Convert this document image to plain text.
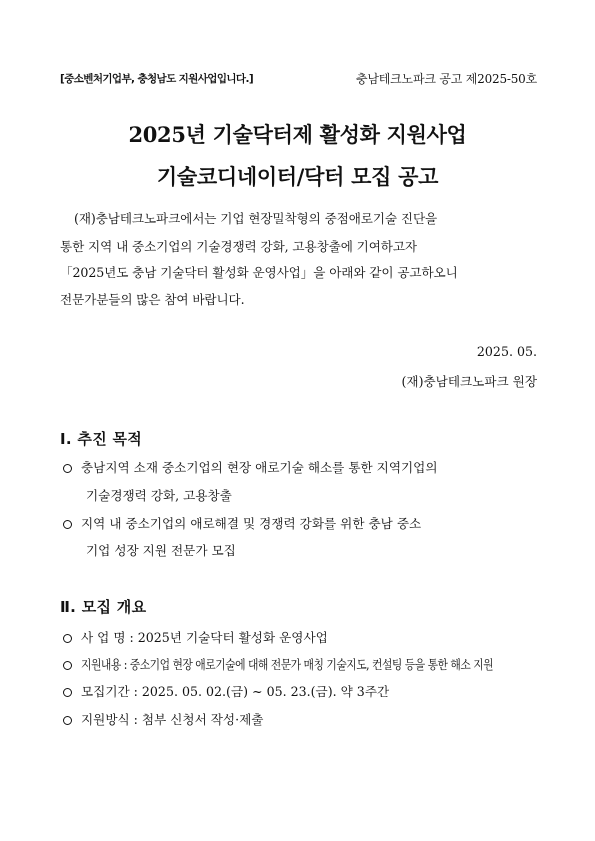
[중소벤처기업부, 충청남도 지원사업입니다.]	충남테크노파크 공고 제2025-50호
2025년 기술닥터제 활성화 지원사업
기술코디네이터/닥터 모집 공고
(재)충남테크노파크에서는 기업 현장밀착형의 중점애로기술 진단을
통한 지역 내 중소기업의 기술경쟁력 강화, 고용창출에 기여하고자
「2025년도 충남 기술닥터 활성화 운영사업」을 아래와 같이 공고하오니
전문가분들의 많은 참여 바랍니다.
2025. 05.
(재)충남테크노파크 원장
Ⅰ. 추진 목적
충남지역 소재 중소기업의 현장 애로기술 해소를 통한 지역기업의
기술경쟁력 강화, 고용창출
지역 내 중소기업의 애로해결 및 경쟁력 강화를 위한 충남 중소
기업 성장 지원 전문가 모집
Ⅱ. 모집 개요
사 업 명 : 2025년 기술닥터 활성화 운영사업
지원내용 : 중소기업 현장 애로기술에 대해 전문가 매칭 기술지도, 컨설팅 등을 통한 해소 지원
모집기간 : 2025. 05. 02.(금) ~ 05. 23.(금). 약 3주간
지원방식 : 첨부 신청서 작성·제출
